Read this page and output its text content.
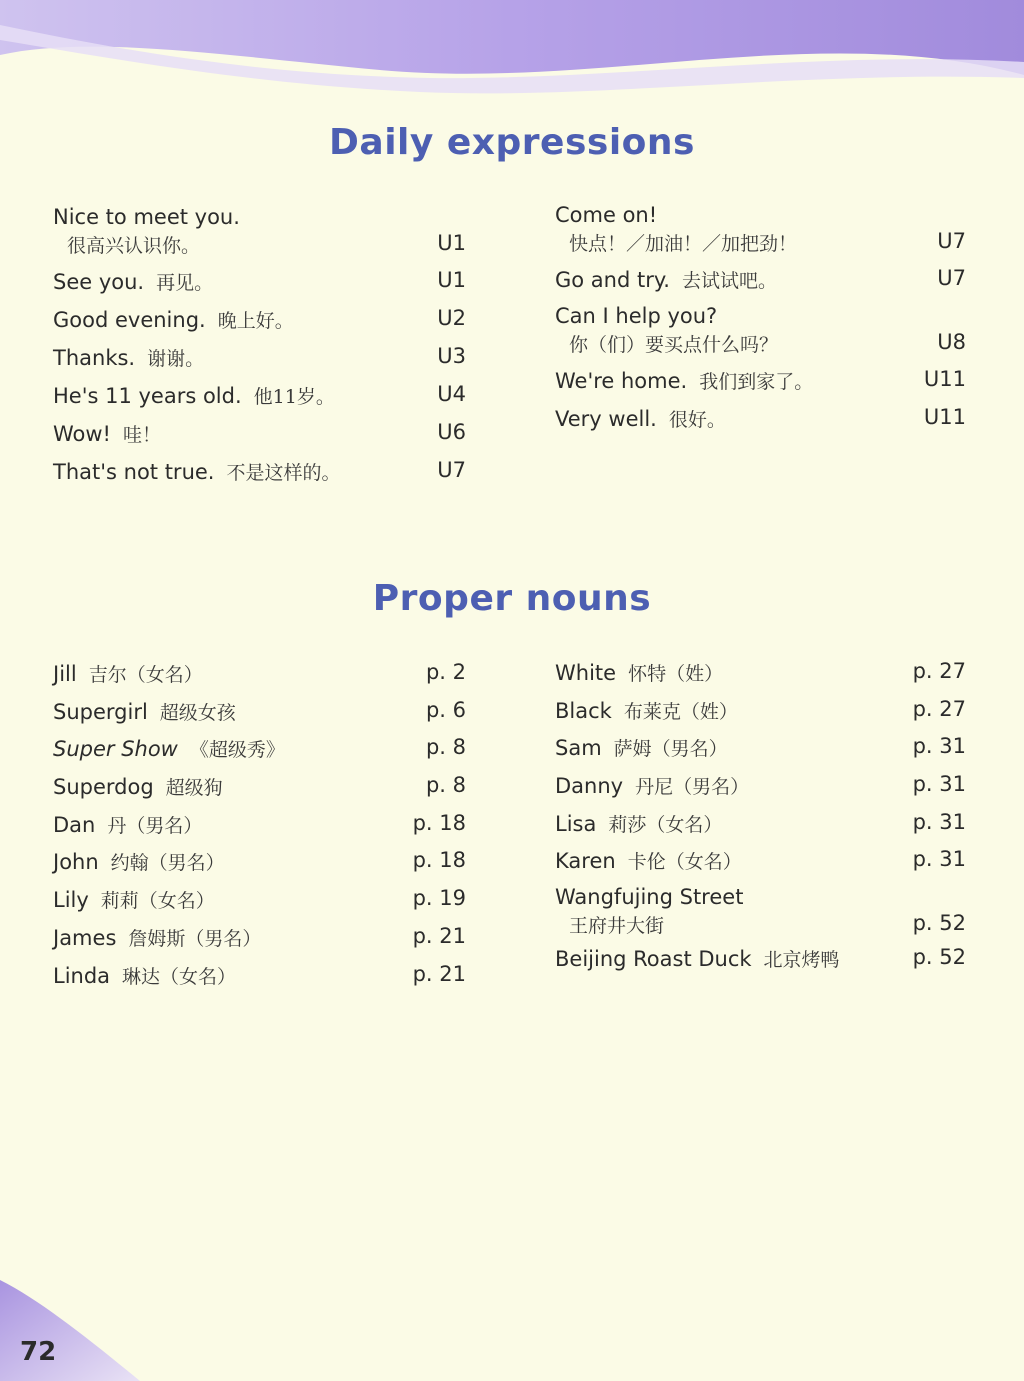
Daily expressions
Nice to meet you.
很高兴认识你。	U1
See you. 再见。	U1
Good evening. 晚上好。	U2
Thanks. 谢谢。	U3
He's 11 years old. 他11岁。	U4
Wow! 哇！	U6
That's not true. 不是这样的。	U7
Come on!
快点！／加油！／加把劲！	U7
Go and try. 去试试吧。	U7
Can I help you?
你（们）要买点什么吗？	U8
We're home. 我们到家了。	U11
Very well. 很好。	U11
Proper nouns
Jill 吉尔（女名）	p. 2
Supergirl 超级女孩	p. 6
Super Show 《超级秀》	p. 8
Superdog 超级狗	p. 8
Dan 丹（男名）	p. 18
John 约翰（男名）	p. 18
Lily 莉莉（女名）	p. 19
James 詹姆斯（男名）	p. 21
Linda 琳达（女名）	p. 21
White 怀特（姓）	p. 27
Black 布莱克（姓）	p. 27
Sam 萨姆（男名）	p. 31
Danny 丹尼（男名）	p. 31
Lisa 莉莎（女名）	p. 31
Karen 卡伦（女名）	p. 31
Wangfujing Street
王府井大街	p. 52
Beijing Roast Duck 北京烤鸭	p. 52
72
